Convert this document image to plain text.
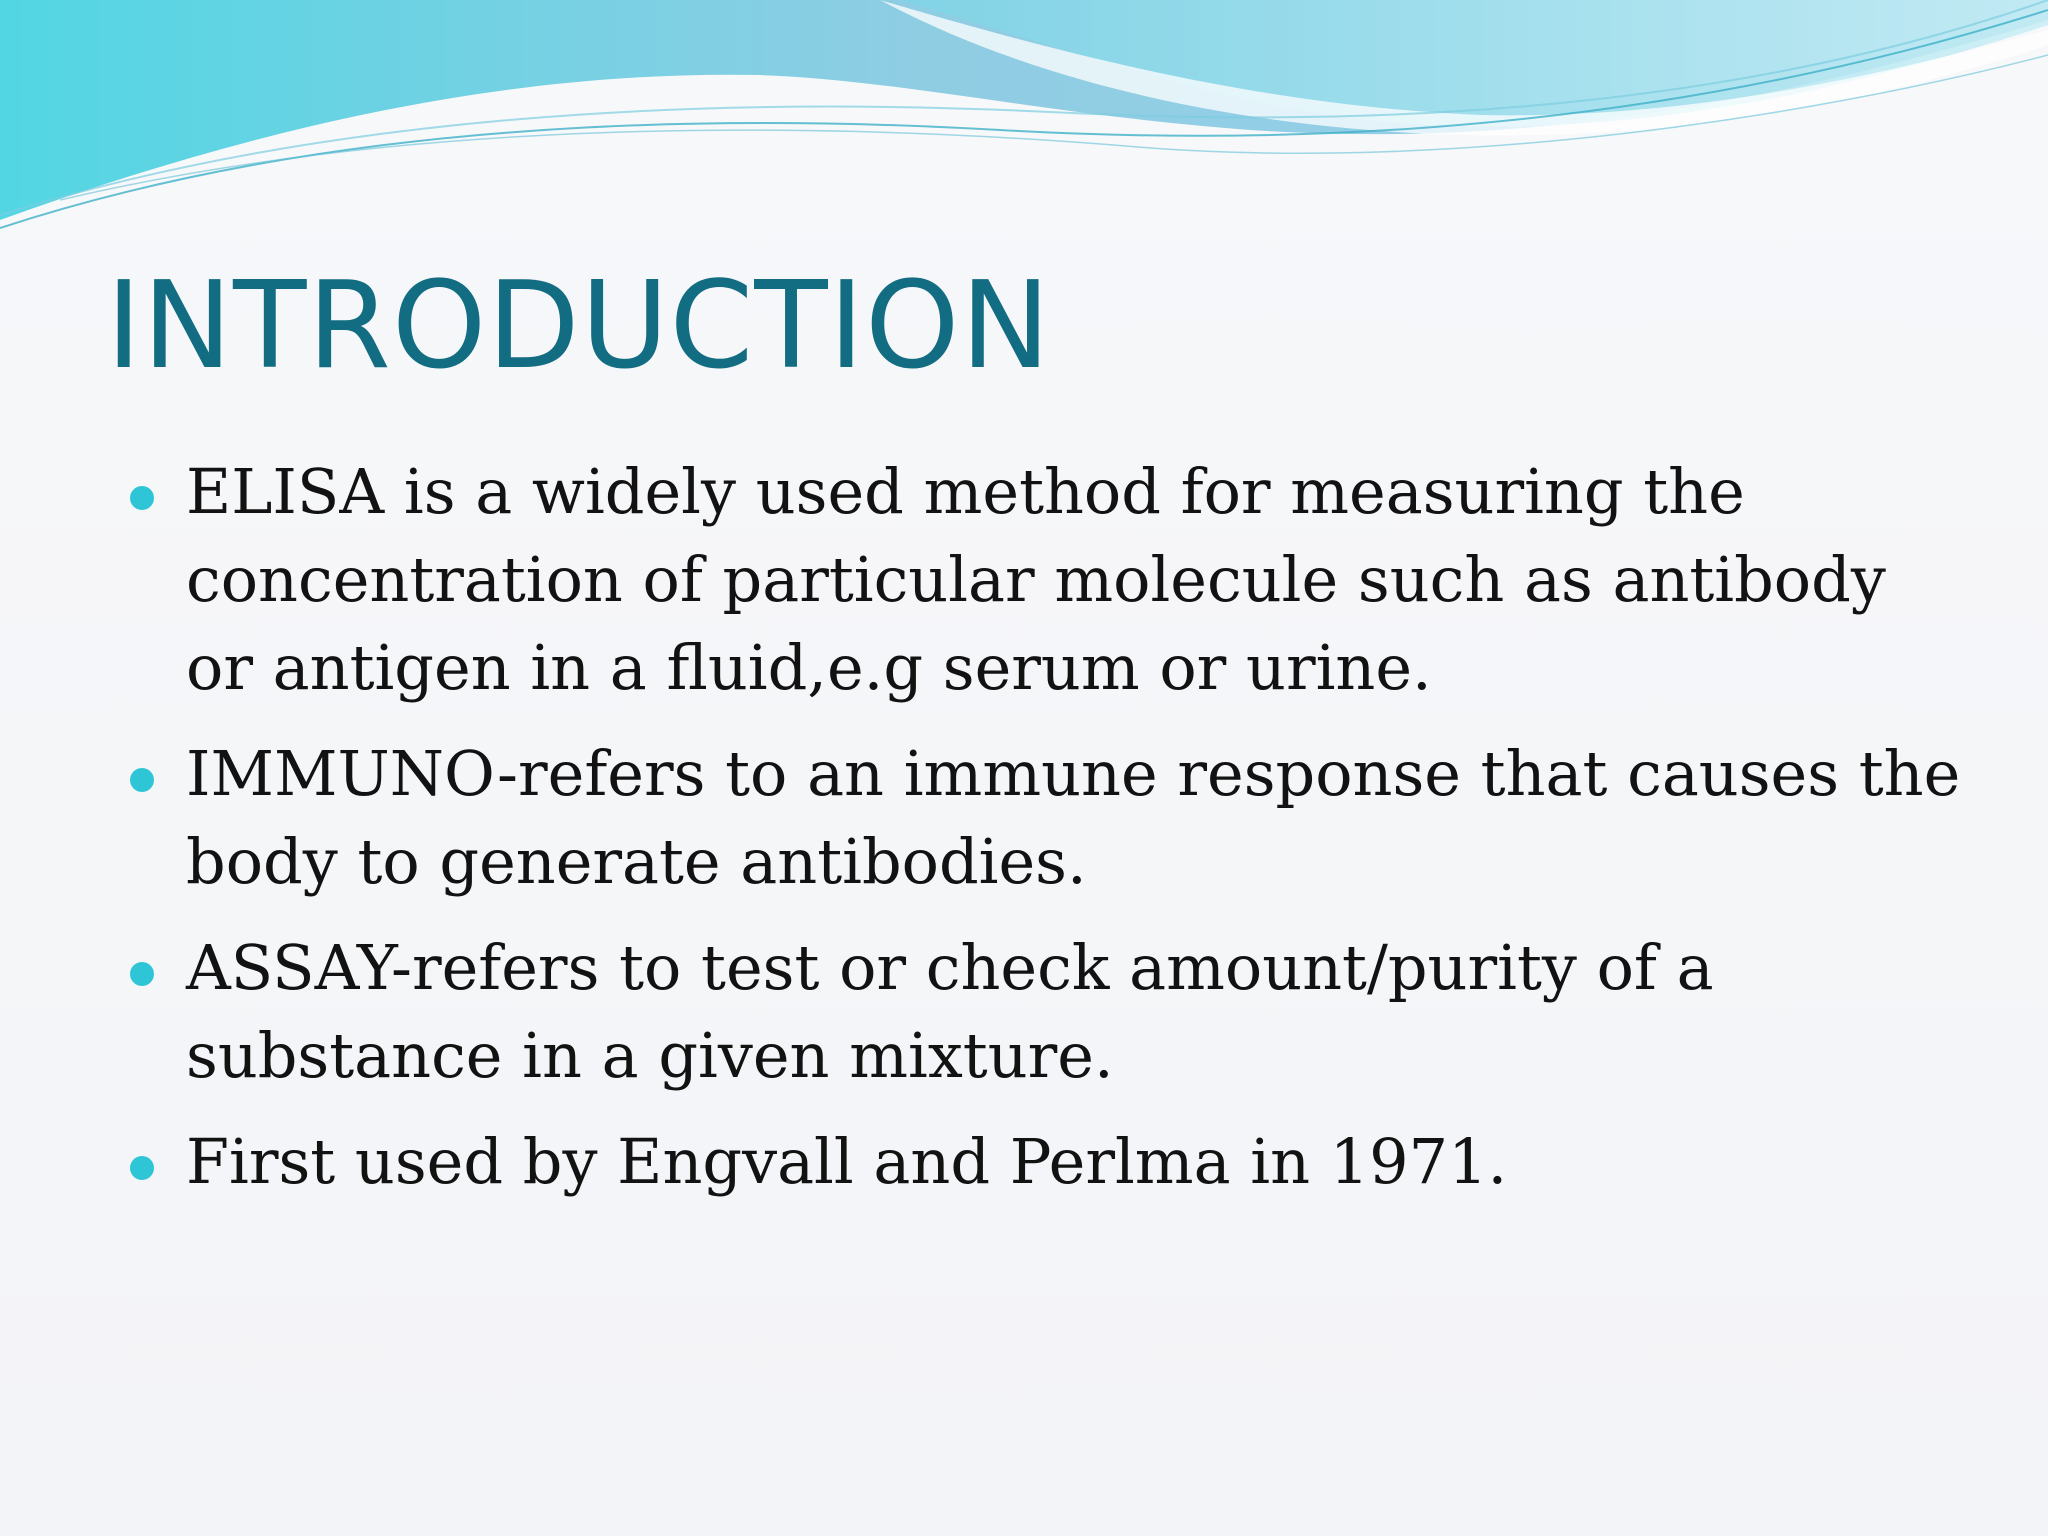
INTRODUCTION
ELISA is a widely used method for measuring the concentration of particular molecule such as antibody or antigen in a fluid,e.g serum or urine.
IMMUNO-refers to an immune response that causes the body to generate antibodies.
ASSAY-refers to test or check amount/purity of a substance in a given mixture.
First used by Engvall and Perlma in 1971.
